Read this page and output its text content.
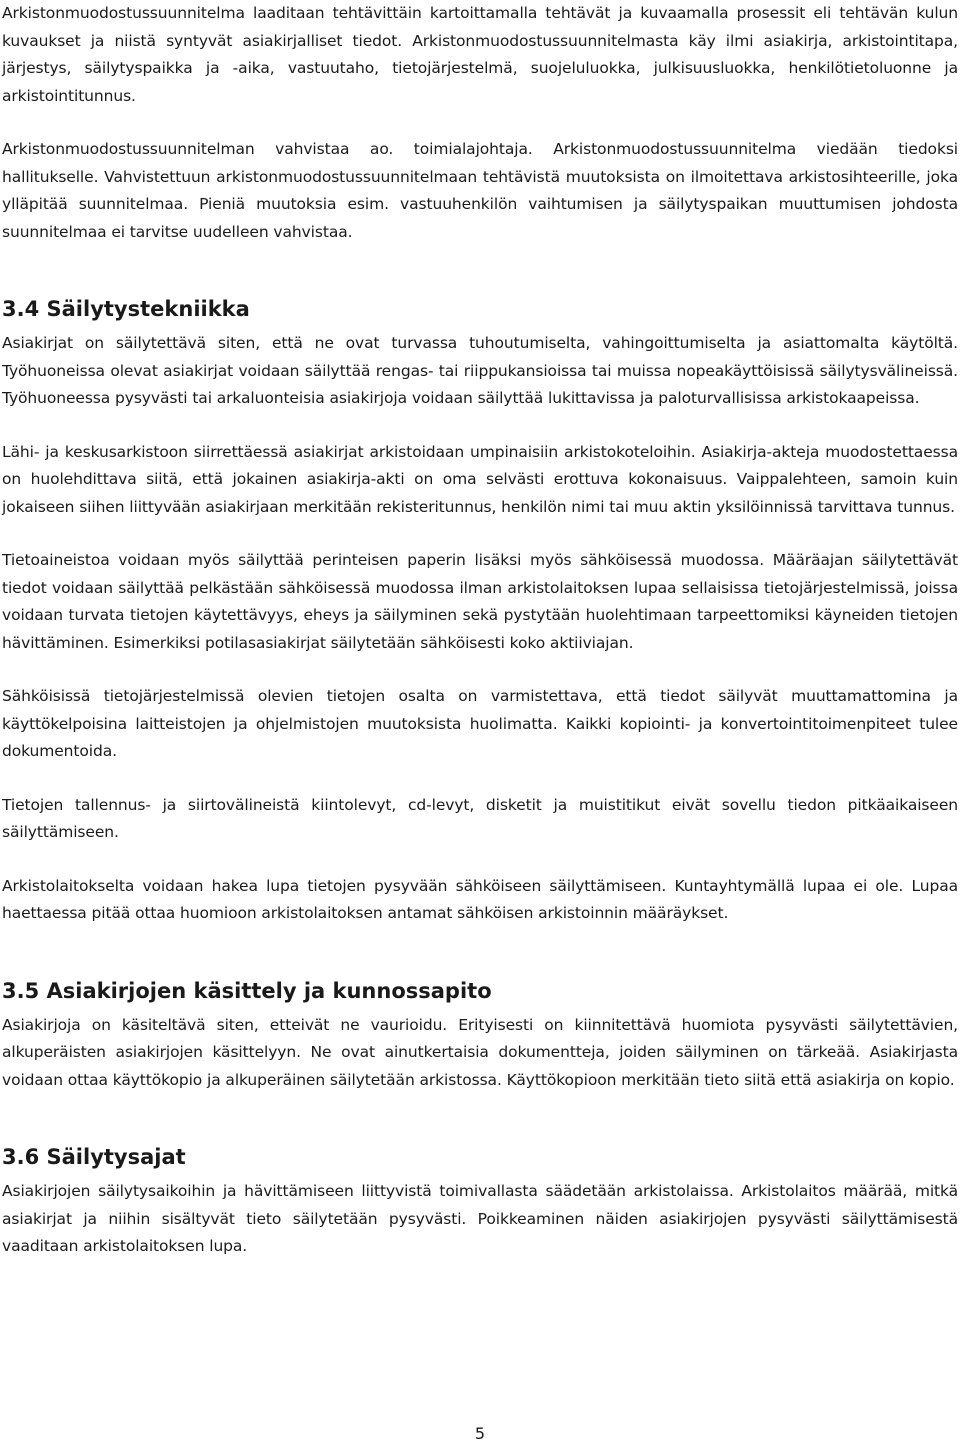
Arkistonmuodostussuunnitelma laaditaan tehtävittäin kartoittamalla tehtävät ja kuvaamalla prosessit eli tehtävän kulun kuvaukset ja niistä syntyvät asiakirjalliset tiedot. Arkistonmuodostussuunnitelmasta käy ilmi asiakirja, arkistointitapa, järjestys, säilytyspaikka ja -aika, vastuutaho, tietojärjestelmä, suojeluluokka, julkisuusluokka, henkilötietoluonne ja arkistointitunnus.

Arkistonmuodostussuunnitelman vahvistaa ao. toimialajohtaja. Arkistonmuodostussuunnitelma viedään tiedoksi hallitukselle. Vahvistettuun arkistonmuodostussuunnitelmaan tehtävistä muutoksista on ilmoitettava arkistosihteerille, joka ylläpitää suunnitelmaa. Pieniä muutoksia esim. vastuuhenkilön vaihtumisen ja säilytyspaikan muuttumisen johdosta suunnitelmaa ei tarvitse uudelleen vahvistaa.

3.4 Säilytystekniikka

Asiakirjat on säilytettävä siten, että ne ovat turvassa tuhoutumiselta, vahingoittumiselta ja asiattomalta käytöltä. Työhuoneissa olevat asiakirjat voidaan säilyttää rengas- tai riippukansioissa tai muissa nopeakäyttöisissä säilytysvälineissä. Työhuoneessa pysyvästi tai arkaluonteisia asiakirjoja voidaan säilyttää lukittavissa ja paloturvallisissa arkistokaapeissa.

Lähi- ja keskusarkistoon siirrettäessä asiakirjat arkistoidaan umpinaisiin arkistokoteloihin. Asiakirja-akteja muodostettaessa on huolehdittava siitä, että jokainen asiakirja-akti on oma selvästi erottuva kokonaisuus. Vaippalehteen, samoin kuin jokaiseen siihen liittyvään asiakirjaan merkitään rekisteritunnus, henkilön nimi tai muu aktin yksilöinnissä tarvittava tunnus.

Tietoaineistoa voidaan myös säilyttää perinteisen paperin lisäksi myös sähköisessä muodossa. Määräajan säilytettävät tiedot voidaan säilyttää pelkästään sähköisessä muodossa ilman arkistolaitoksen lupaa sellaisissa tietojärjestelmissä, joissa voidaan turvata tietojen käytettävyys, eheys ja säilyminen sekä pystytään huolehtimaan tarpeettomiksi käyneiden tietojen hävittäminen. Esimerkiksi potilasasiakirjat säilytetään sähköisesti koko aktiiviajan.

Sähköisissä tietojärjestelmissä olevien tietojen osalta on varmistettava, että tiedot säilyvät muuttamattomina ja käyttökelpoisina laitteistojen ja ohjelmistojen muutoksista huolimatta. Kaikki kopiointi- ja konvertointitoimenpiteet tulee dokumentoida.

Tietojen tallennus- ja siirtovälineistä kiintolevyt, cd-levyt, disketit ja muistitikut eivät sovellu tiedon pitkäaikaiseen säilyttämiseen.

Arkistolaitokselta voidaan hakea lupa tietojen pysyvään sähköiseen säilyttämiseen. Kuntayhtymällä lupaa ei ole. Lupaa haettaessa pitää ottaa huomioon arkistolaitoksen antamat sähköisen arkistoinnin määräykset.

3.5 Asiakirjojen käsittely ja kunnossapito

Asiakirjoja on käsiteltävä siten, etteivät ne vaurioidu. Erityisesti on kiinnitettävä huomiota pysyvästi säilytettävien, alkuperäisten asiakirjojen käsittelyyn. Ne ovat ainutkertaisia dokumentteja, joiden säilyminen on tärkeää. Asiakirjasta voidaan ottaa käyttökopio ja alkuperäinen säilytetään arkistossa. Käyttökopioon merkitään tieto siitä että asiakirja on kopio.

3.6 Säilytysajat

Asiakirjojen säilytysaikoihin ja hävittämiseen liittyvistä toimivallasta säädetään arkistolaissa. Arkistolaitos määrää, mitkä asiakirjat ja niihin sisältyvät tieto säilytetään pysyvästi. Poikkeaminen näiden asiakirjojen pysyvästi säilyttämisestä vaaditaan arkistolaitoksen lupa.

5
